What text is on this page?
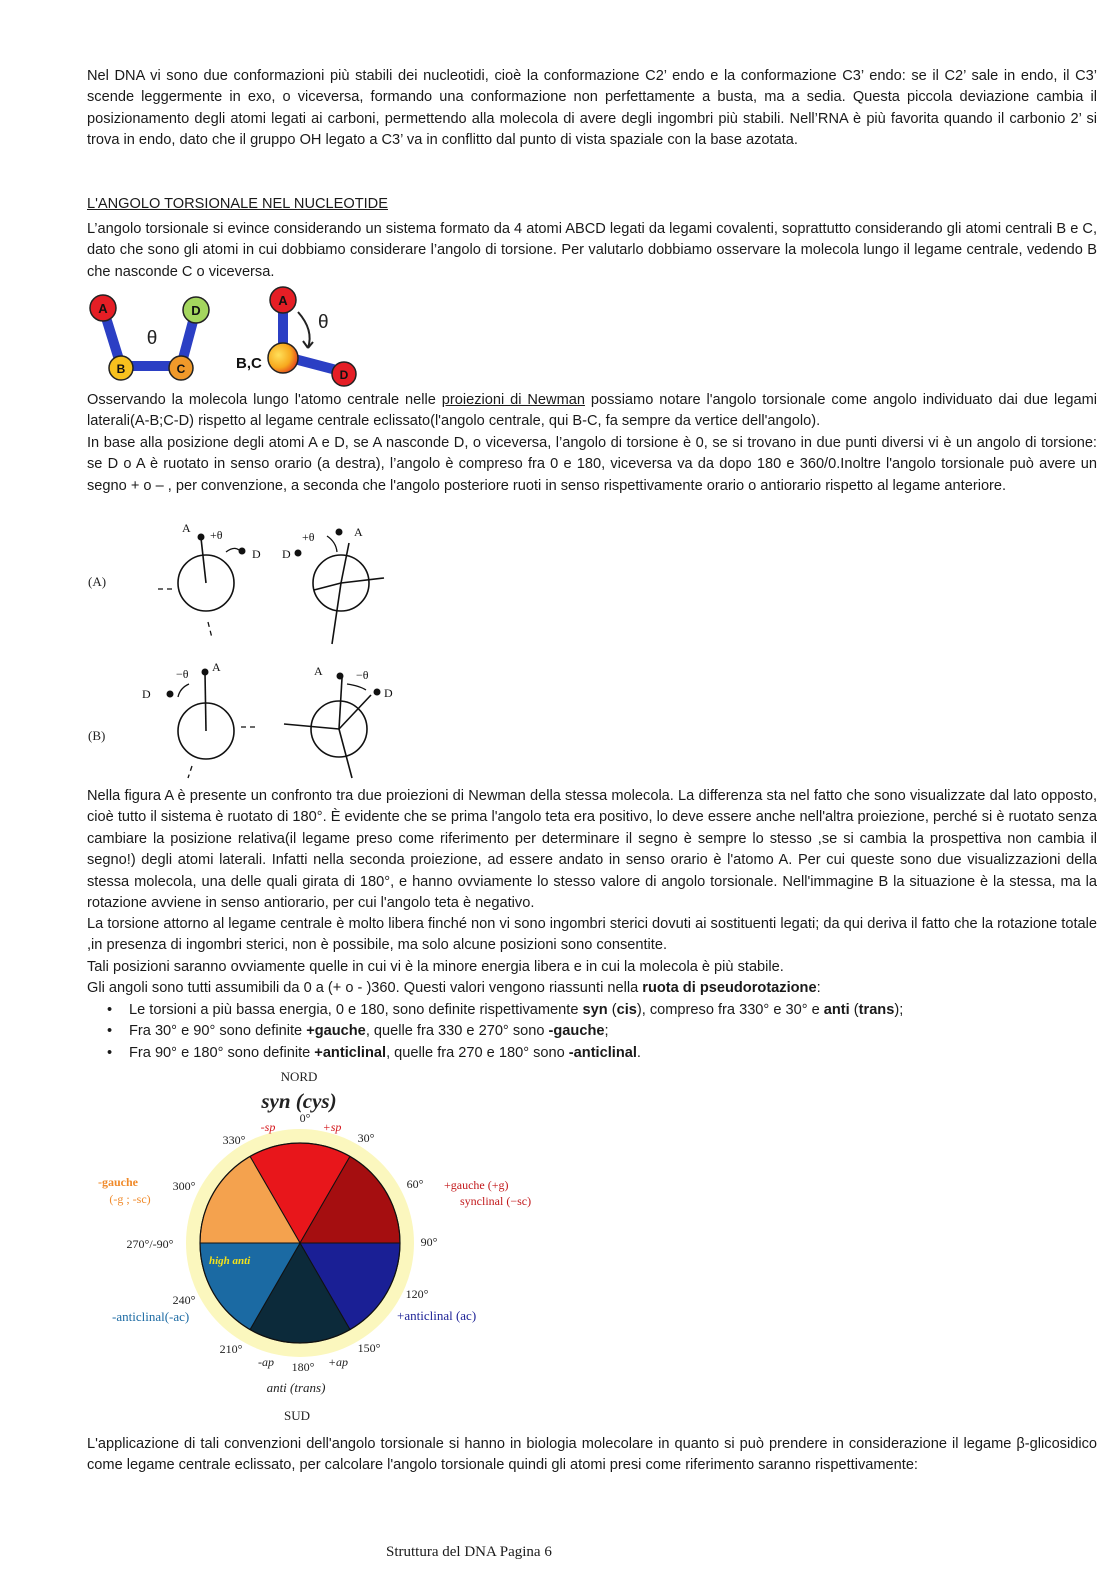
Nel DNA vi sono due conformazioni più stabili dei nucleotidi, cioè la conformazione C2’ endo e la conformazione C3’ endo: se il C2’ sale in endo, il C3’ scende leggermente in exo, o viceversa, formando una conformazione non perfettamente a busta, ma a sedia. Questa piccola deviazione cambia il posizionamento degli atomi legati ai carboni, permettendo alla molecola di avere degli ingombri più stabili. Nell’RNA è più favorita quando il carbonio 2’ si trova in endo, dato che il gruppo OH legato a C3’ va in conflitto dal punto di vista spaziale con la base azotata.

L'ANGOLO TORSIONALE NEL NUCLEOTIDE

L’angolo torsionale si evince considerando un sistema formato da 4 atomi ABCD legati da legami covalenti, soprattutto considerando gli atomi centrali B e C, dato che sono gli atomi in cui dobbiamo considerare l’angolo di torsione. Per valutarlo dobbiamo osservare la molecola lungo il legame centrale, vedendo B che nasconde C o viceversa.

A	D
B	C
θ
A
D
B,C
θ

Osservando la molecola lungo l'atomo centrale nelle proiezioni di Newman possiamo notare l'angolo torsionale come angolo individuato dai due legami laterali(A-B;C-D) rispetto al legame centrale eclissato(l'angolo centrale, qui B-C, fa sempre da vertice dell'angolo).

In base alla posizione degli atomi A e D, se A nasconde D, o viceversa, l’angolo di torsione è 0, se si trovano in due punti diversi vi è un angolo di torsione: se D o A è ruotato in senso orario (a destra), l’angolo è compreso fra 0 e 180, viceversa va da dopo 180 e 360/0.Inoltre l'angolo torsionale può avere un segno + o – , per convenzione, a seconda che l'angolo posteriore ruoti in senso rispettivamente orario o antiorario rispetto al legame anteriore.

(A)
A +θ
D
A
+θ
D
(B)
A
−θ
D
A	−θ
D

Nella figura A è presente un confronto tra due proiezioni di Newman della stessa molecola. La differenza sta nel fatto che sono visualizzate dal lato opposto, cioè tutto il sistema è ruotato di 180°. È evidente che se prima l'angolo teta era positivo, lo deve essere anche nell'altra proiezione, perché si è ruotato senza cambiare la posizione relativa(il legame preso come riferimento per determinare il segno è sempre lo stesso ,se si cambia la prospettiva non cambia il segno!) degli atomi laterali. Infatti nella seconda proiezione, ad essere andato in senso orario è l'atomo A. Per cui queste sono due visualizzazioni della stessa molecola, una delle quali girata di 180°, e hanno ovviamente lo stesso valore di angolo torsionale. Nell'immagine B la situazione è la stessa, ma la rotazione avviene in senso antiorario, per cui l'angolo teta è negativo.

La torsione attorno al legame centrale è molto libera finché non vi sono ingombri sterici dovuti ai sostituenti legati; da qui deriva il fatto che la rotazione totale ,in presenza di ingombri sterici, non è possibile, ma solo alcune posizioni sono consentite.

Tali posizioni saranno ovviamente quelle in cui vi è la minore energia libera e in cui la molecola è più stabile.

Gli angoli sono tutti assumibili da 0 a (+ o - )360. Questi valori vengono riassunti nella ruota di pseudorotazione:

• Le torsioni a più bassa energia, 0 e 180, sono definite rispettivamente syn (cis), compreso fra 330° e 30° e anti (trans);
• Fra 30° e 90° sono definite +gauche, quelle fra 330 e 270° sono -gauche;
• Fra 90° e 180° sono definite +anticlinal, quelle fra 270 e 180° sono -anticlinal.
NORD
syn (cys)
-sp
0°
+sp
30°
330°
60°
300°
90°
270°/-90°
120°
240°
150°
210°
-ap 180° +ap
anti (trans)
SUD
-gauche
(-g ; -sc)
+gauche (+g)
synclinal (−sc)
-anticlinal(-ac)	+anticlinal (ac)
high anti

L'applicazione di tali convenzioni dell'angolo torsionale si hanno in biologia molecolare in quanto si può prendere in considerazione il legame β-glicosidico come legame centrale eclissato, per calcolare l'angolo torsionale quindi gli atomi presi come riferimento saranno rispettivamente:

Struttura del DNA Pagina 6
